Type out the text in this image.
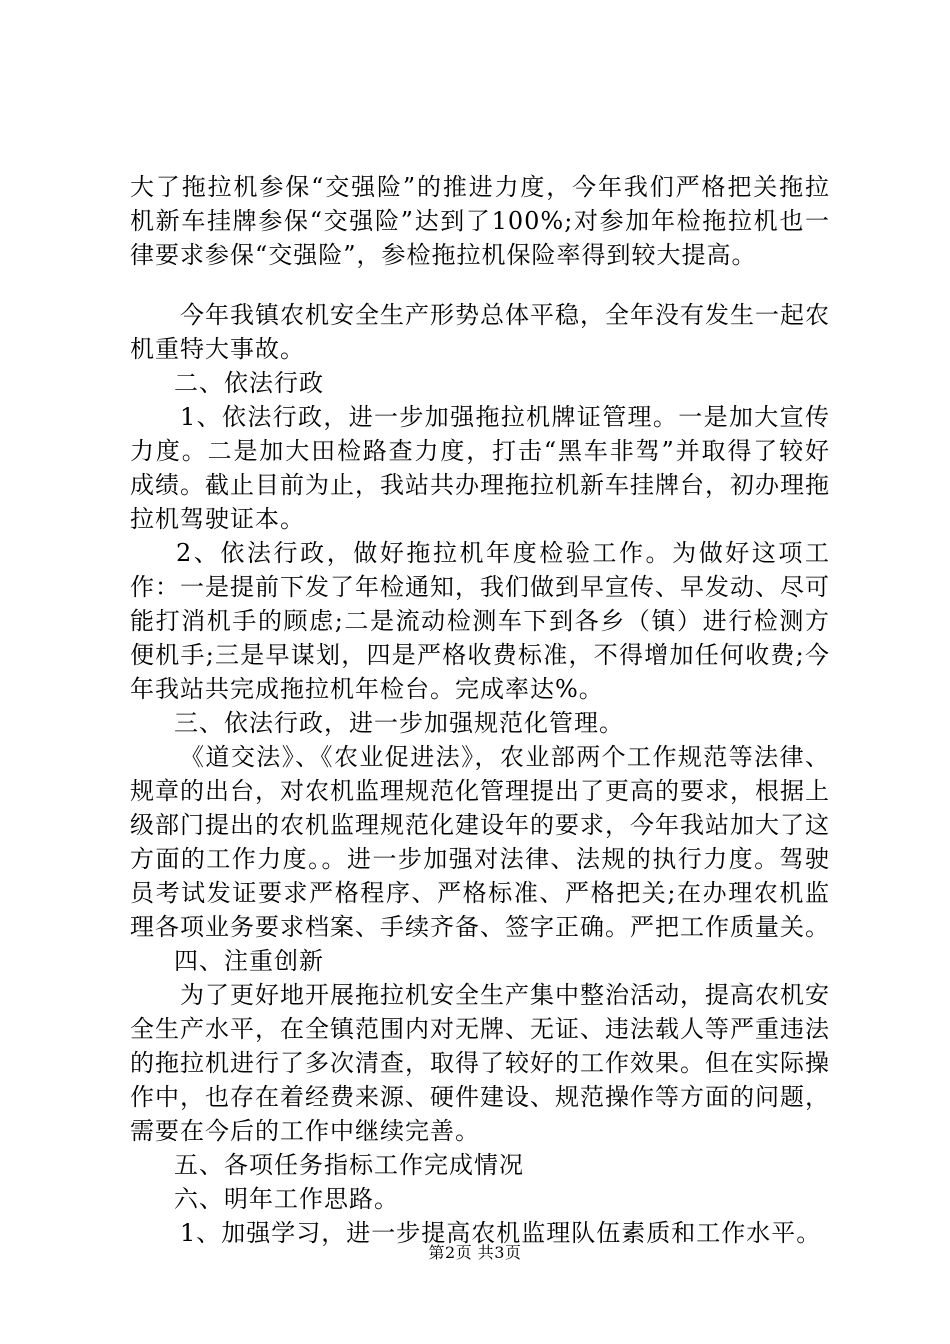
大了拖拉机参保“交强险”的推进力度，今年我们严格把关拖拉机新车挂牌参保“交强险”达到了100%;对参加年检拖拉机也一律要求参保“交强险”，参检拖拉机保险率得到较大提高。

今年我镇农机安全生产形势总体平稳，全年没有发生一起农机重特大事故。

二、依法行政

1、依法行政，进一步加强拖拉机牌证管理。一是加大宣传力度。二是加大田检路查力度，打击“黑车非驾”并取得了较好成绩。截止目前为止，我站共办理拖拉机新车挂牌台，初办理拖拉机驾驶证本。

2、依法行政，做好拖拉机年度检验工作。为做好这项工作：一是提前下发了年检通知，我们做到早宣传、早发动、尽可能打消机手的顾虑;二是流动检测车下到各乡（镇）进行检测方便机手;三是早谋划，四是严格收费标准，不得增加任何收费;今年我站共完成拖拉机年检台。完成率达%。

三、依法行政，进一步加强规范化管理。

《道交法》、《农业促进法》，农业部两个工作规范等法律、规章的出台，对农机监理规范化管理提出了更高的要求，根据上级部门提出的农机监理规范化建设年的要求，今年我站加大了这方面的工作力度。。进一步加强对法律、法规的执行力度。驾驶员考试发证要求严格程序、严格标准、严格把关;在办理农机监理各项业务要求档案、手续齐备、签字正确。严把工作质量关。

四、注重创新

为了更好地开展拖拉机安全生产集中整治活动，提高农机安全生产水平，在全镇范围内对无牌、无证、违法载人等严重违法的拖拉机进行了多次清查，取得了较好的工作效果。但在实际操作中，也存在着经费来源、硬件建设、规范操作等方面的问题，需要在今后的工作中继续完善。

五、各项任务指标工作完成情况

六、明年工作思路。

1、加强学习，进一步提高农机监理队伍素质和工作水平。

第2页 共3页
